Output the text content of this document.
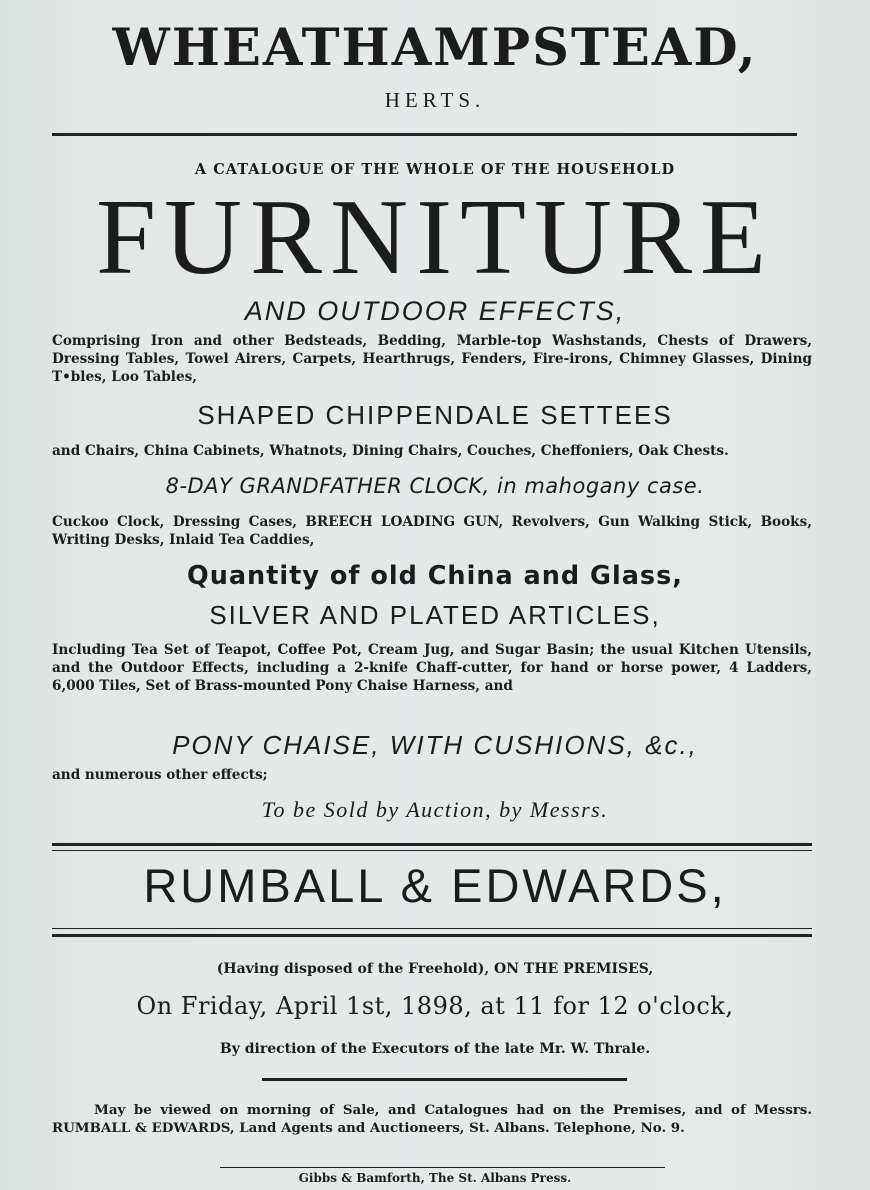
WHEATHAMPSTEAD,
HERTS.
A CATALOGUE OF THE WHOLE OF THE HOUSEHOLD
FURNITURE
AND OUTDOOR EFFECTS,
Comprising Iron and other Bedsteads, Bedding, Marble-top Washstands, Chests of Drawers, Dressing Tables, Towel Airers, Carpets, Hearthrugs, Fenders, Fire-irons, Chimney Glasses, Dining T•bles, Loo Tables,
SHAPED CHIPPENDALE SETTEES
and Chairs, China Cabinets, Whatnots, Dining Chairs, Couches, Cheffoniers, Oak Chests.
8-DAY GRANDFATHER CLOCK, in mahogany case.
Cuckoo Clock, Dressing Cases, BREECH LOADING GUN, Revolvers, Gun Walking Stick, Books, Writing Desks, Inlaid Tea Caddies,
Quantity of old China and Glass,
SILVER AND PLATED ARTICLES,
Including Tea Set of Teapot, Coffee Pot, Cream Jug, and Sugar Basin; the usual Kitchen Utensils, and the Outdoor Effects, including a 2-knife Chaff-cutter, for hand or horse power, 4 Ladders, 6,000 Tiles, Set of Brass-mounted Pony Chaise Harness, and
PONY CHAISE, WITH CUSHIONS, &c.,
and numerous other effects;
To be Sold by Auction, by Messrs.
RUMBALL & EDWARDS,
(Having disposed of the Freehold), ON THE PREMISES,
On Friday, April 1st, 1898, at 11 for 12 o'clock,
By direction of the Executors of the late Mr. W. Thrale.
May be viewed on morning of Sale, and Catalogues had on the Premises, and of Messrs. RUMBALL & EDWARDS, Land Agents and Auctioneers, St. Albans. Telephone, No. 9.
Gibbs & Bamforth, The St. Albans Press.
